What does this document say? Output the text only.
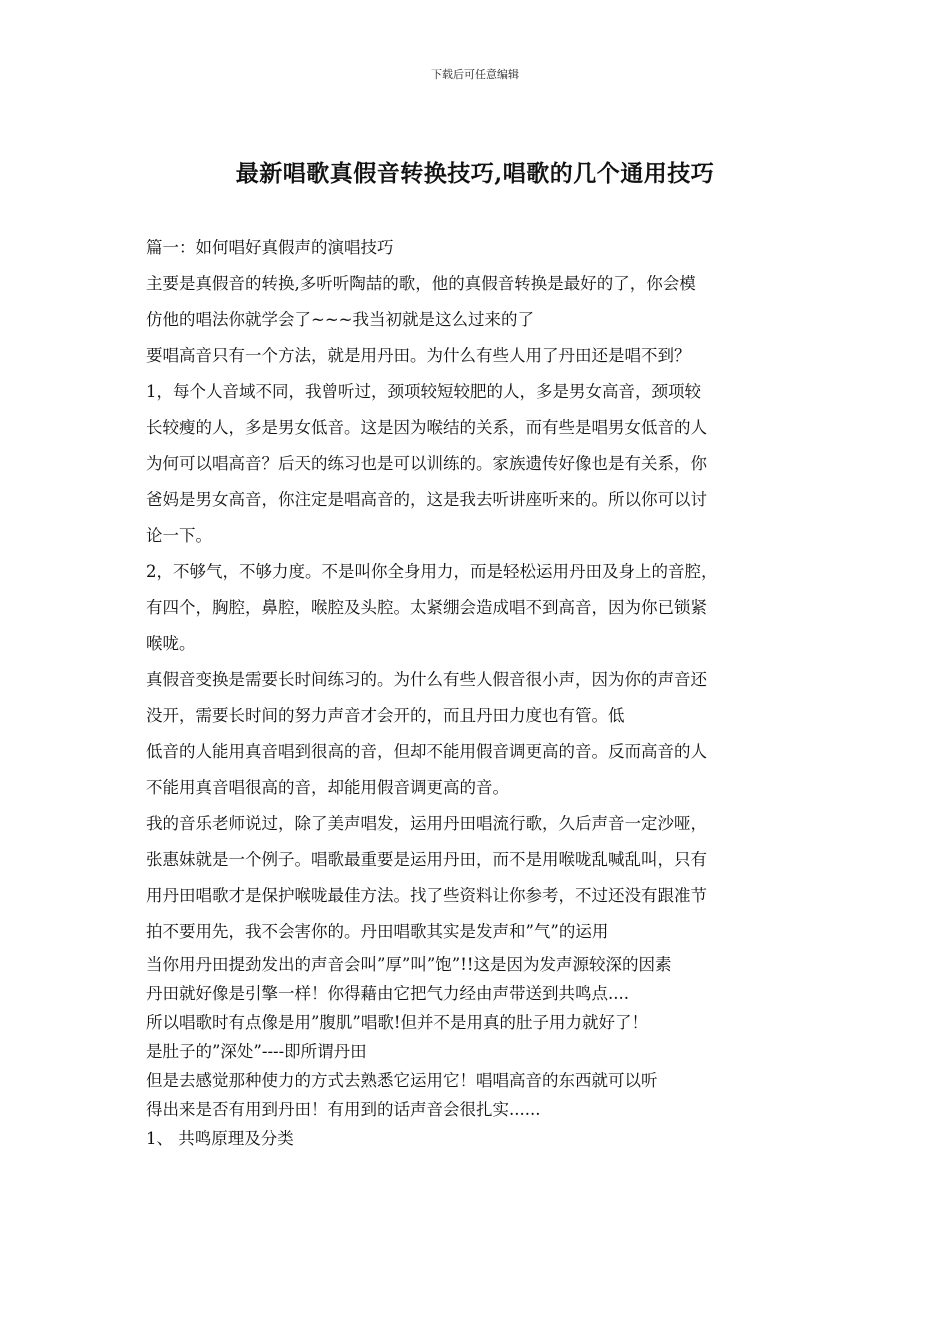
下载后可任意编辑
最新唱歌真假音转换技巧,唱歌的几个通用技巧
篇一：如何唱好真假声的演唱技巧
主要是真假音的转换,多听听陶喆的歌，他的真假音转换是最好的了，你会模
仿他的唱法你就学会了~~~我当初就是这么过来的了
要唱高音只有一个方法，就是用丹田。为什么有些人用了丹田还是唱不到？
1，每个人音域不同，我曾听过，颈项较短较肥的人，多是男女高音，颈项较
长较瘦的人，多是男女低音。这是因为喉结的关系，而有些是唱男女低音的人
为何可以唱高音？后天的练习也是可以训练的。家族遗传好像也是有关系，你
爸妈是男女高音，你注定是唱高音的，这是我去听讲座听来的。所以你可以讨
论一下。
2，不够气，不够力度。不是叫你全身用力，而是轻松运用丹田及身上的音腔，
有四个，胸腔，鼻腔，喉腔及头腔。太紧绷会造成唱不到高音，因为你已锁紧
喉咙。
真假音变换是需要长时间练习的。为什么有些人假音很小声，因为你的声音还
没开，需要长时间的努力声音才会开的，而且丹田力度也有管。低
低音的人能用真音唱到很高的音，但却不能用假音调更高的音。反而高音的人
不能用真音唱很高的音，却能用假音调更高的音。
我的音乐老师说过，除了美声唱发，运用丹田唱流行歌，久后声音一定沙哑，
张惠妹就是一个例子。唱歌最重要是运用丹田，而不是用喉咙乱喊乱叫，只有
用丹田唱歌才是保护喉咙最佳方法。找了些资料让你参考，不过还没有跟准节
拍不要用先，我不会害你的。丹田唱歌其实是发声和”气”的运用
当你用丹田提劲发出的声音会叫”厚”叫”饱”!!这是因为发声源较深的因素
丹田就好像是引擎一样！你得藉由它把气力经由声带送到共鸣点....
所以唱歌时有点像是用”腹肌”唱歌!但并不是用真的肚子用力就好了！
是肚子的”深处”----即所谓丹田
但是去感觉那种使力的方式去熟悉它运用它！唱唱高音的东西就可以听
得出来是否有用到丹田！有用到的话声音会很扎实......
1、 共鸣原理及分类
